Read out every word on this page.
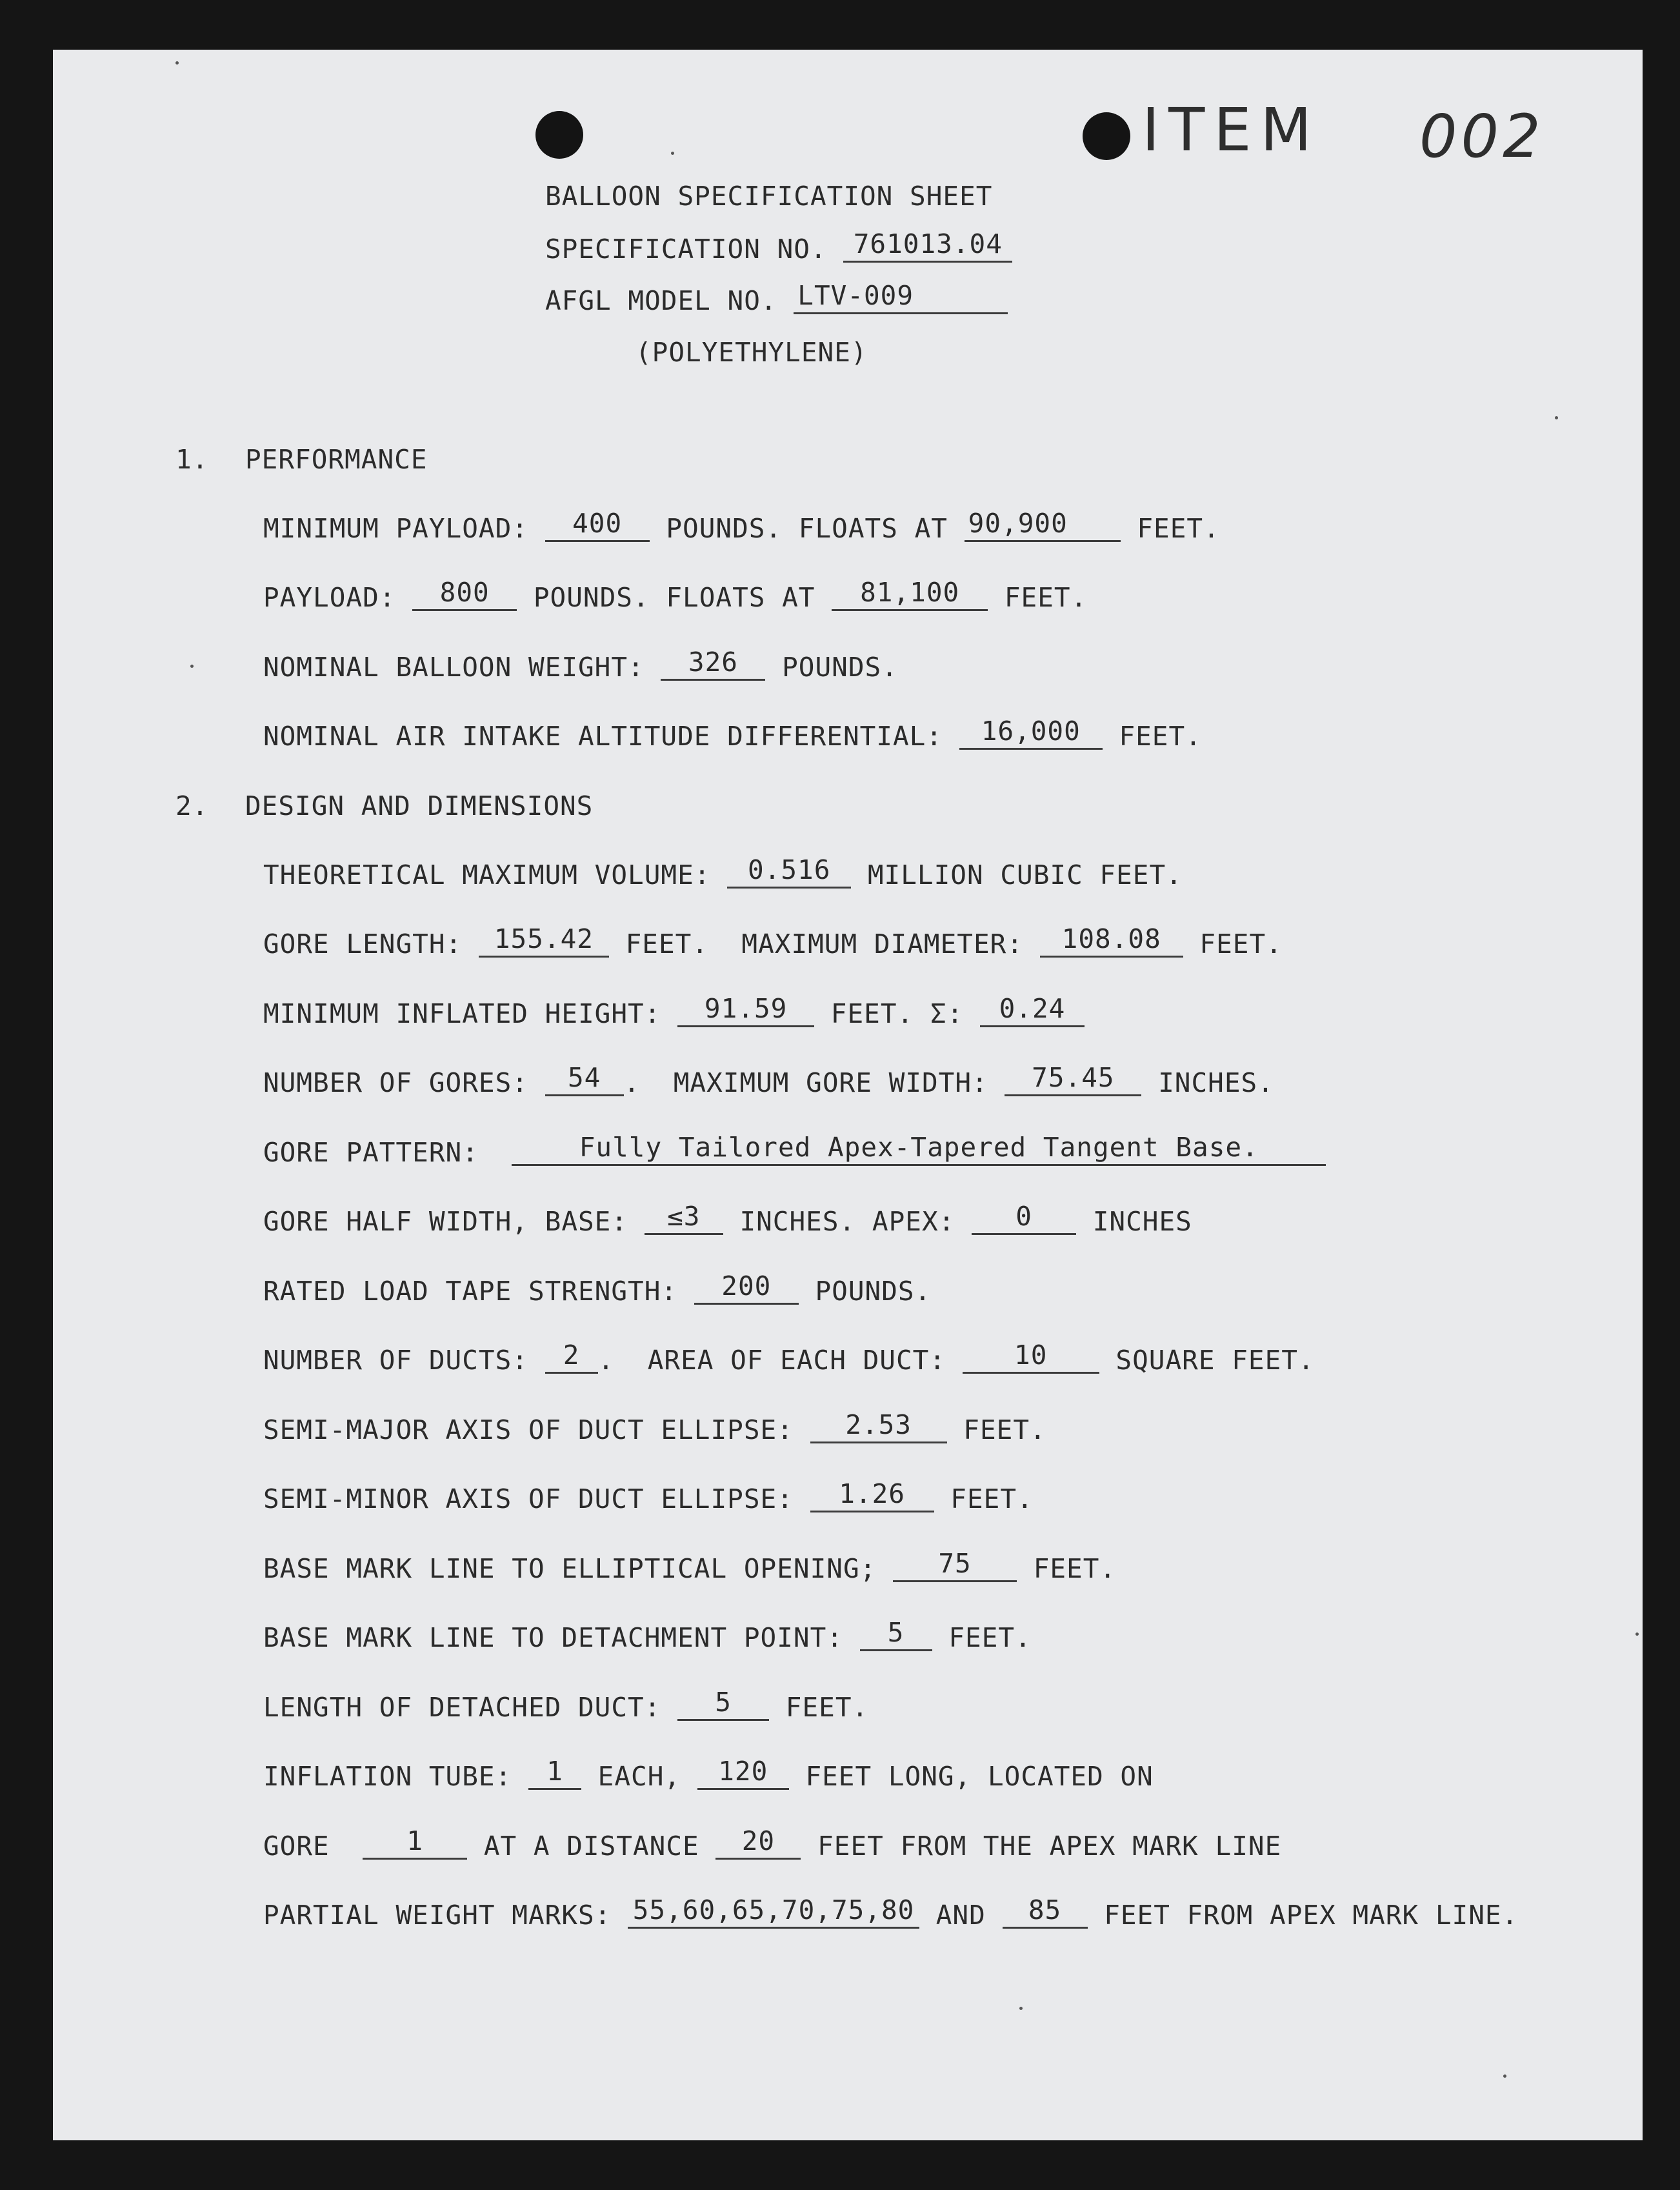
ITEM 002
BALLOON SPECIFICATION SHEET
SPECIFICATION NO. 761013.04
AFGL MODEL NO. LTV-009
(POLYETHYLENE)
1. PERFORMANCE
MINIMUM PAYLOAD: 400 POUNDS. FLOATS AT 90,900	FEET.
PAYLOAD: 800 POUNDS. FLOATS AT 81,100 FEET.
NOMINAL BALLOON WEIGHT: 326 POUNDS.
NOMINAL AIR INTAKE ALTITUDE DIFFERENTIAL: 16,000 FEET.
2. DESIGN AND DIMENSIONS
THEORETICAL MAXIMUM VOLUME: 0.516 MILLION CUBIC FEET.
GORE LENGTH: 155.42 FEET. MAXIMUM DIAMETER: 108.08 FEET.
MINIMUM INFLATED HEIGHT: 91.59 FEET. Σ: 0.24
NUMBER OF GORES: 54 .  MAXIMUM GORE WIDTH: 75.45 INCHES.
GORE PATTERN:	Fully Tailored Apex-Tapered Tangent Base.
GORE HALF WIDTH, BASE: ≤3 INCHES. APEX: 0 INCHES
RATED LOAD TAPE STRENGTH: 200 POUNDS.
NUMBER OF DUCTS: 2 .  AREA OF EACH DUCT:	10	SQUARE FEET.
SEMI-MAJOR AXIS OF DUCT ELLIPSE: 2.53 FEET.
SEMI-MINOR AXIS OF DUCT ELLIPSE: 1.26 FEET.
BASE MARK LINE TO ELLIPTICAL OPENING; 75 FEET.
BASE MARK LINE TO DETACHMENT POINT: 5 FEET.
LENGTH OF DETACHED DUCT: 5 FEET.
INFLATION TUBE: 1 EACH, 120 FEET LONG, LOCATED ON
GORE	1 AT A DISTANCE 20 FEET FROM THE APEX MARK LINE
PARTIAL WEIGHT MARKS: 55,60,65,70,75,80 AND 85 FEET FROM APEX MARK LINE.
